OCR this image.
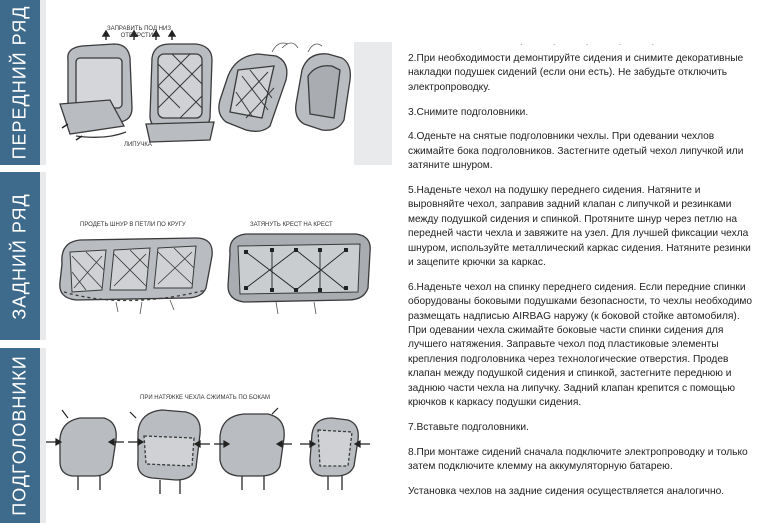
ПЕРЕДНИЙ РЯД	ЗАПРАВИТЬ ПОД НИЗ ОТВЕРСТИЯ
ЛИПУЧКА
ЗАДНИЙ РЯД	ПРОДЕТЬ ШНУР В ПЕТЛИ ПО КРУГУ	ЗАТЯНУТЬ КРЕСТ НА КРЕСТ
ПОДГОЛОВНИКИ	ПРИ НАТЯЖКЕ ЧЕХЛА СЖИМАТЬ ПО БОКАМ
· · · · ·

2.При необходимости демонтируйте сидения и снимите декоративные накладки подушек сидений (если они есть). Не забудьте отключить электропроводку.

3.Снимите подголовники.

4.Оденьте на снятые подголовники чехлы. При одевании чехлов сжимайте бока подголовников. Застегните одетый чехол липучкой или затяните шнуром.

5.Наденьте чехол на подушку переднего сидения. Натяните и выровняйте чехол, заправив задний клапан с липучкой и резинками между подушкой сидения и спинкой. Протяните шнур через петлю на передней части чехла и завяжите на узел. Для лучшей фиксации чехла шнуром, используйте металлический каркас сидения. Натяните резинки и зацепите крючки за каркас.

6.Наденьте чехол на спинку переднего сидения. Если передние спинки оборудованы боковыми подушками безопасности, то чехлы необходимо размещать надписью AIRBAG наружу (к боковой стойке автомобиля). При одевании чехла сжимайте боковые части спинки сидения для лучшего натяжения. Заправьте чехол под пластиковые элементы крепления подголовника через технологические отверстия. Продев клапан между подушкой сидения и спинкой, застегните переднюю и заднюю части чехла на липучку. Задний клапан крепится с помощью крючков к каркасу подушки сидения.

7.Вставьте подголовники.

8.При монтаже сидений сначала подключите электропроводку и только затем подключите клемму на аккумуляторную батарею.

Установка чехлов на задние сидения осуществляется аналогично.
